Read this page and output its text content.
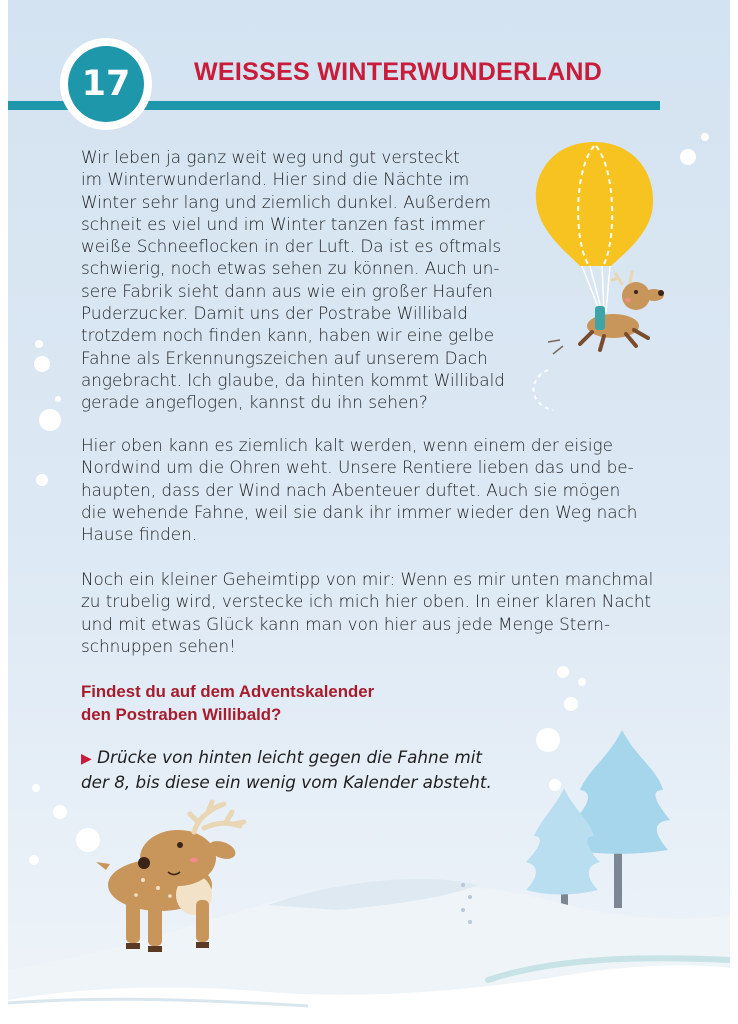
17	WEISSES WINTERWUNDERLAND

Wir leben ja ganz weit weg und gut versteckt
im Winterwunderland. Hier sind die Nächte im
Winter sehr lang und ziemlich dunkel. Außerdem
schneit es viel und im Winter tanzen fast immer
weiße Schneeflocken in der Luft. Da ist es oftmals
schwierig, noch etwas sehen zu können. Auch un-
sere Fabrik sieht dann aus wie ein großer Haufen
Puderzucker. Damit uns der Postrabe Willibald
trotzdem noch finden kann, haben wir eine gelbe
Fahne als Erkennungszeichen auf unserem Dach
angebracht. Ich glaube, da hinten kommt Willibald
gerade angeflogen, kannst du ihn sehen?

Hier oben kann es ziemlich kalt werden, wenn einem der eisige
Nordwind um die Ohren weht. Unsere Rentiere lieben das und be-
haupten, dass der Wind nach Abenteuer duftet. Auch sie mögen
die wehende Fahne, weil sie dank ihr immer wieder den Weg nach
Hause finden.

Noch ein kleiner Geheimtipp von mir: Wenn es mir unten manchmal
zu trubelig wird, verstecke ich mich hier oben. In einer klaren Nacht
und mit etwas Glück kann man von hier aus jede Menge Stern-
schnuppen sehen!

Findest du auf dem Adventskalender
den Postraben Willibald?
▶ Drücke von hinten leicht gegen die Fahne mit
der 8, bis diese ein wenig vom Kalender absteht.
